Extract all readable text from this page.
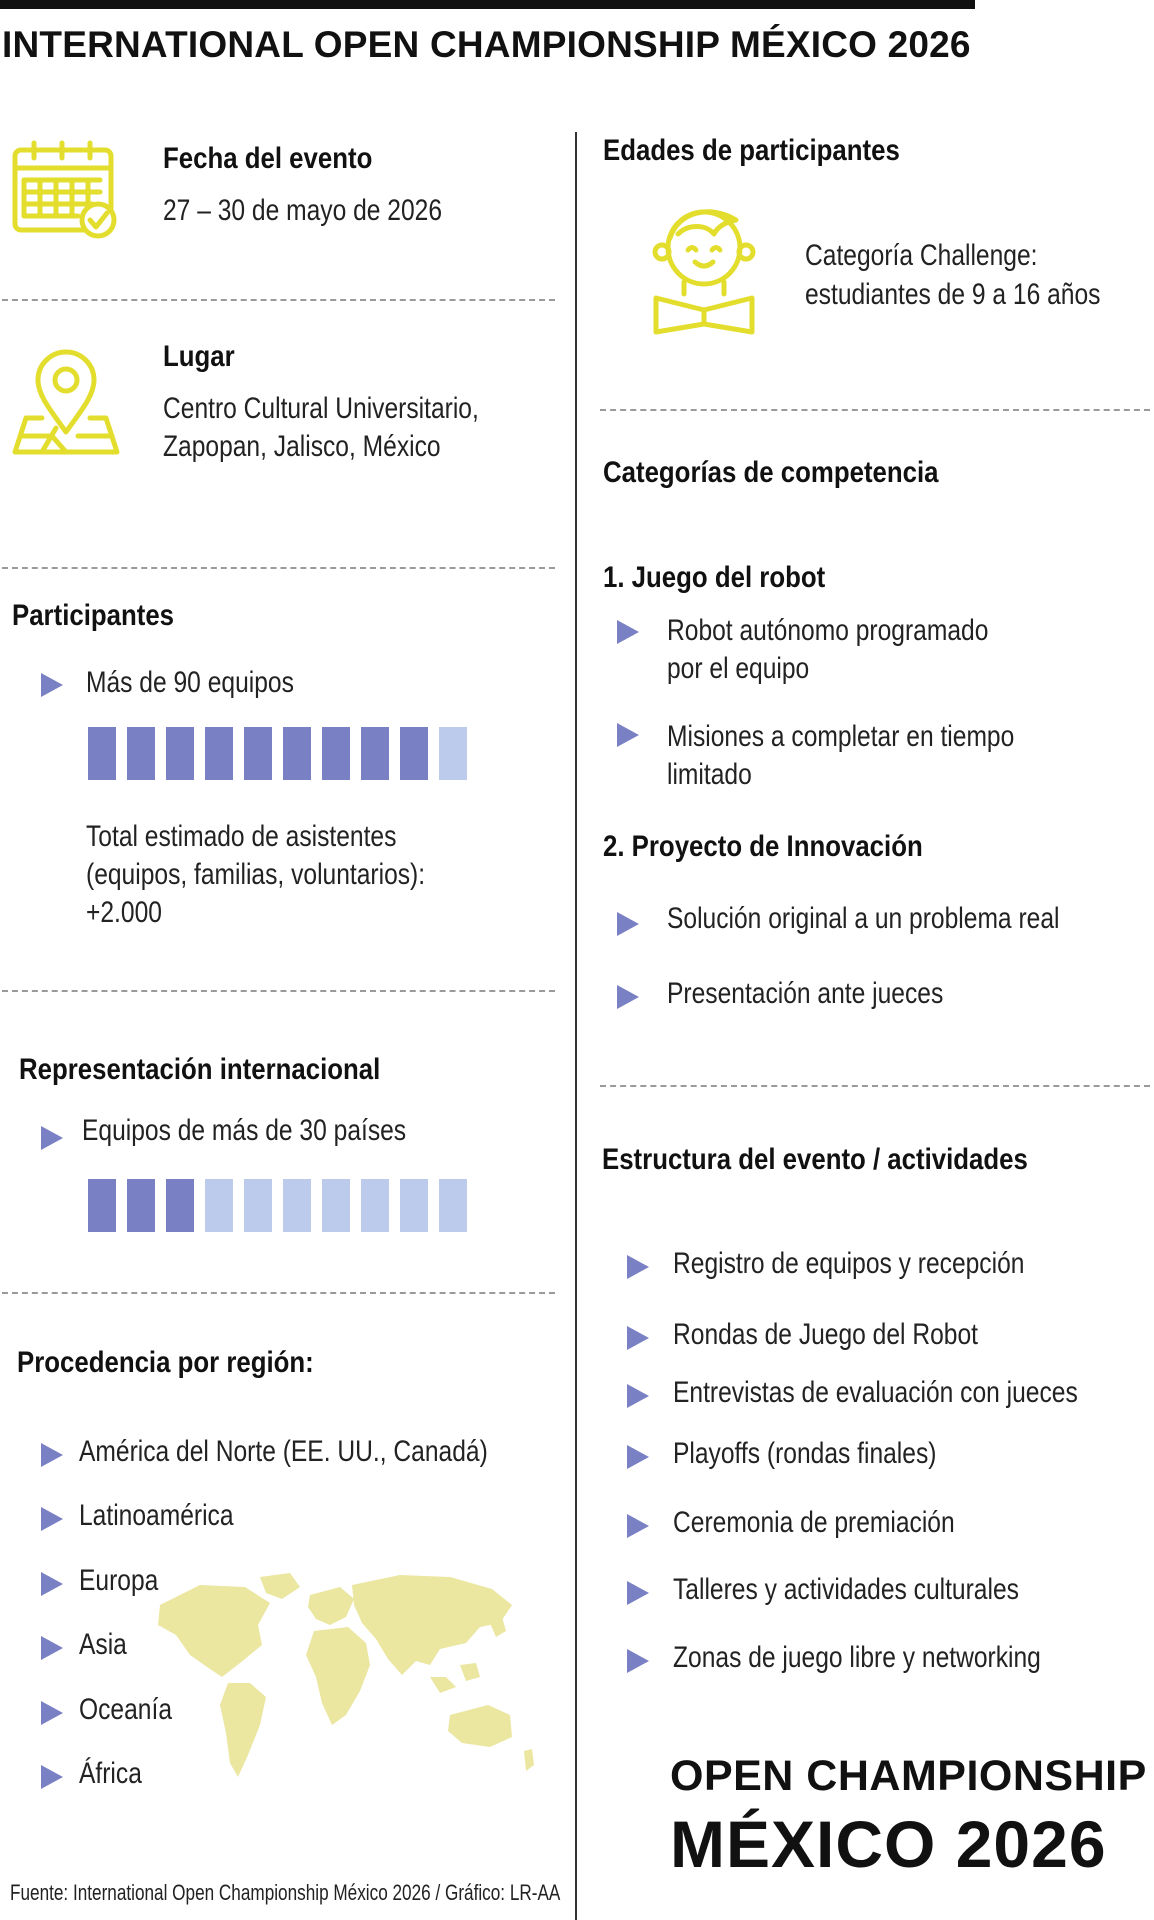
INTERNATIONAL OPEN CHAMPIONSHIP MÉXICO 2026
Fecha del evento
27 – 30 de mayo de 2026
Lugar
Centro Cultural Universitario,
Zapopan, Jalisco, México
Participantes
Más de 90 equipos
Total estimado de asistentes
(equipos, familias, voluntarios):
+2.000
Representación internacional
Equipos de más de 30 países
Procedencia por región:
América del Norte (EE. UU., Canadá)
Latinoamérica
Europa
Asia
Oceanía
África
Fuente: International Open Championship México 2026 / Gráfico: LR-AA
Edades de participantes
Categoría Challenge:
estudiantes de 9 a 16 años
Categorías de competencia
1. Juego del robot
Robot autónomo programado
por el equipo
Misiones a completar en tiempo
limitado
2. Proyecto de Innovación
Solución original a un problema real
Presentación ante jueces
Estructura del evento / actividades
Registro de equipos y recepción
Rondas de Juego del Robot
Entrevistas de evaluación con jueces
Playoffs (rondas finales)
Ceremonia de premiación
Talleres y actividades culturales
Zonas de juego libre y networking
OPEN CHAMPIONSHIP
MÉXICO 2026
